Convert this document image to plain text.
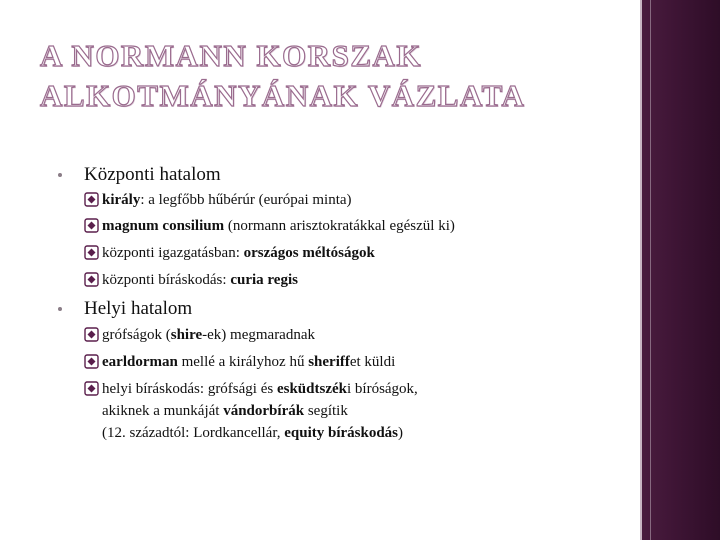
A NORMANN KORSZAK
ALKOTMÁNYÁNAK VÁZLATA
Központi hatalom
király: a legfőbb hűbérúr (európai minta)
magnum consilium (normann arisztokratákkal egészül ki)
központi igazgatásban: országos méltóságok
központi bíráskodás: curia regis
Helyi hatalom
grófságok (shire-ek) megmaradnak
earldorman mellé a királyhoz hű sheriffet küldi
helyi bíráskodás: grófsági és esküdtszéki bíróságok,
akiknek a munkáját vándorbírák segítik
(12. századtól: Lordkancellár, equity bíráskodás)
